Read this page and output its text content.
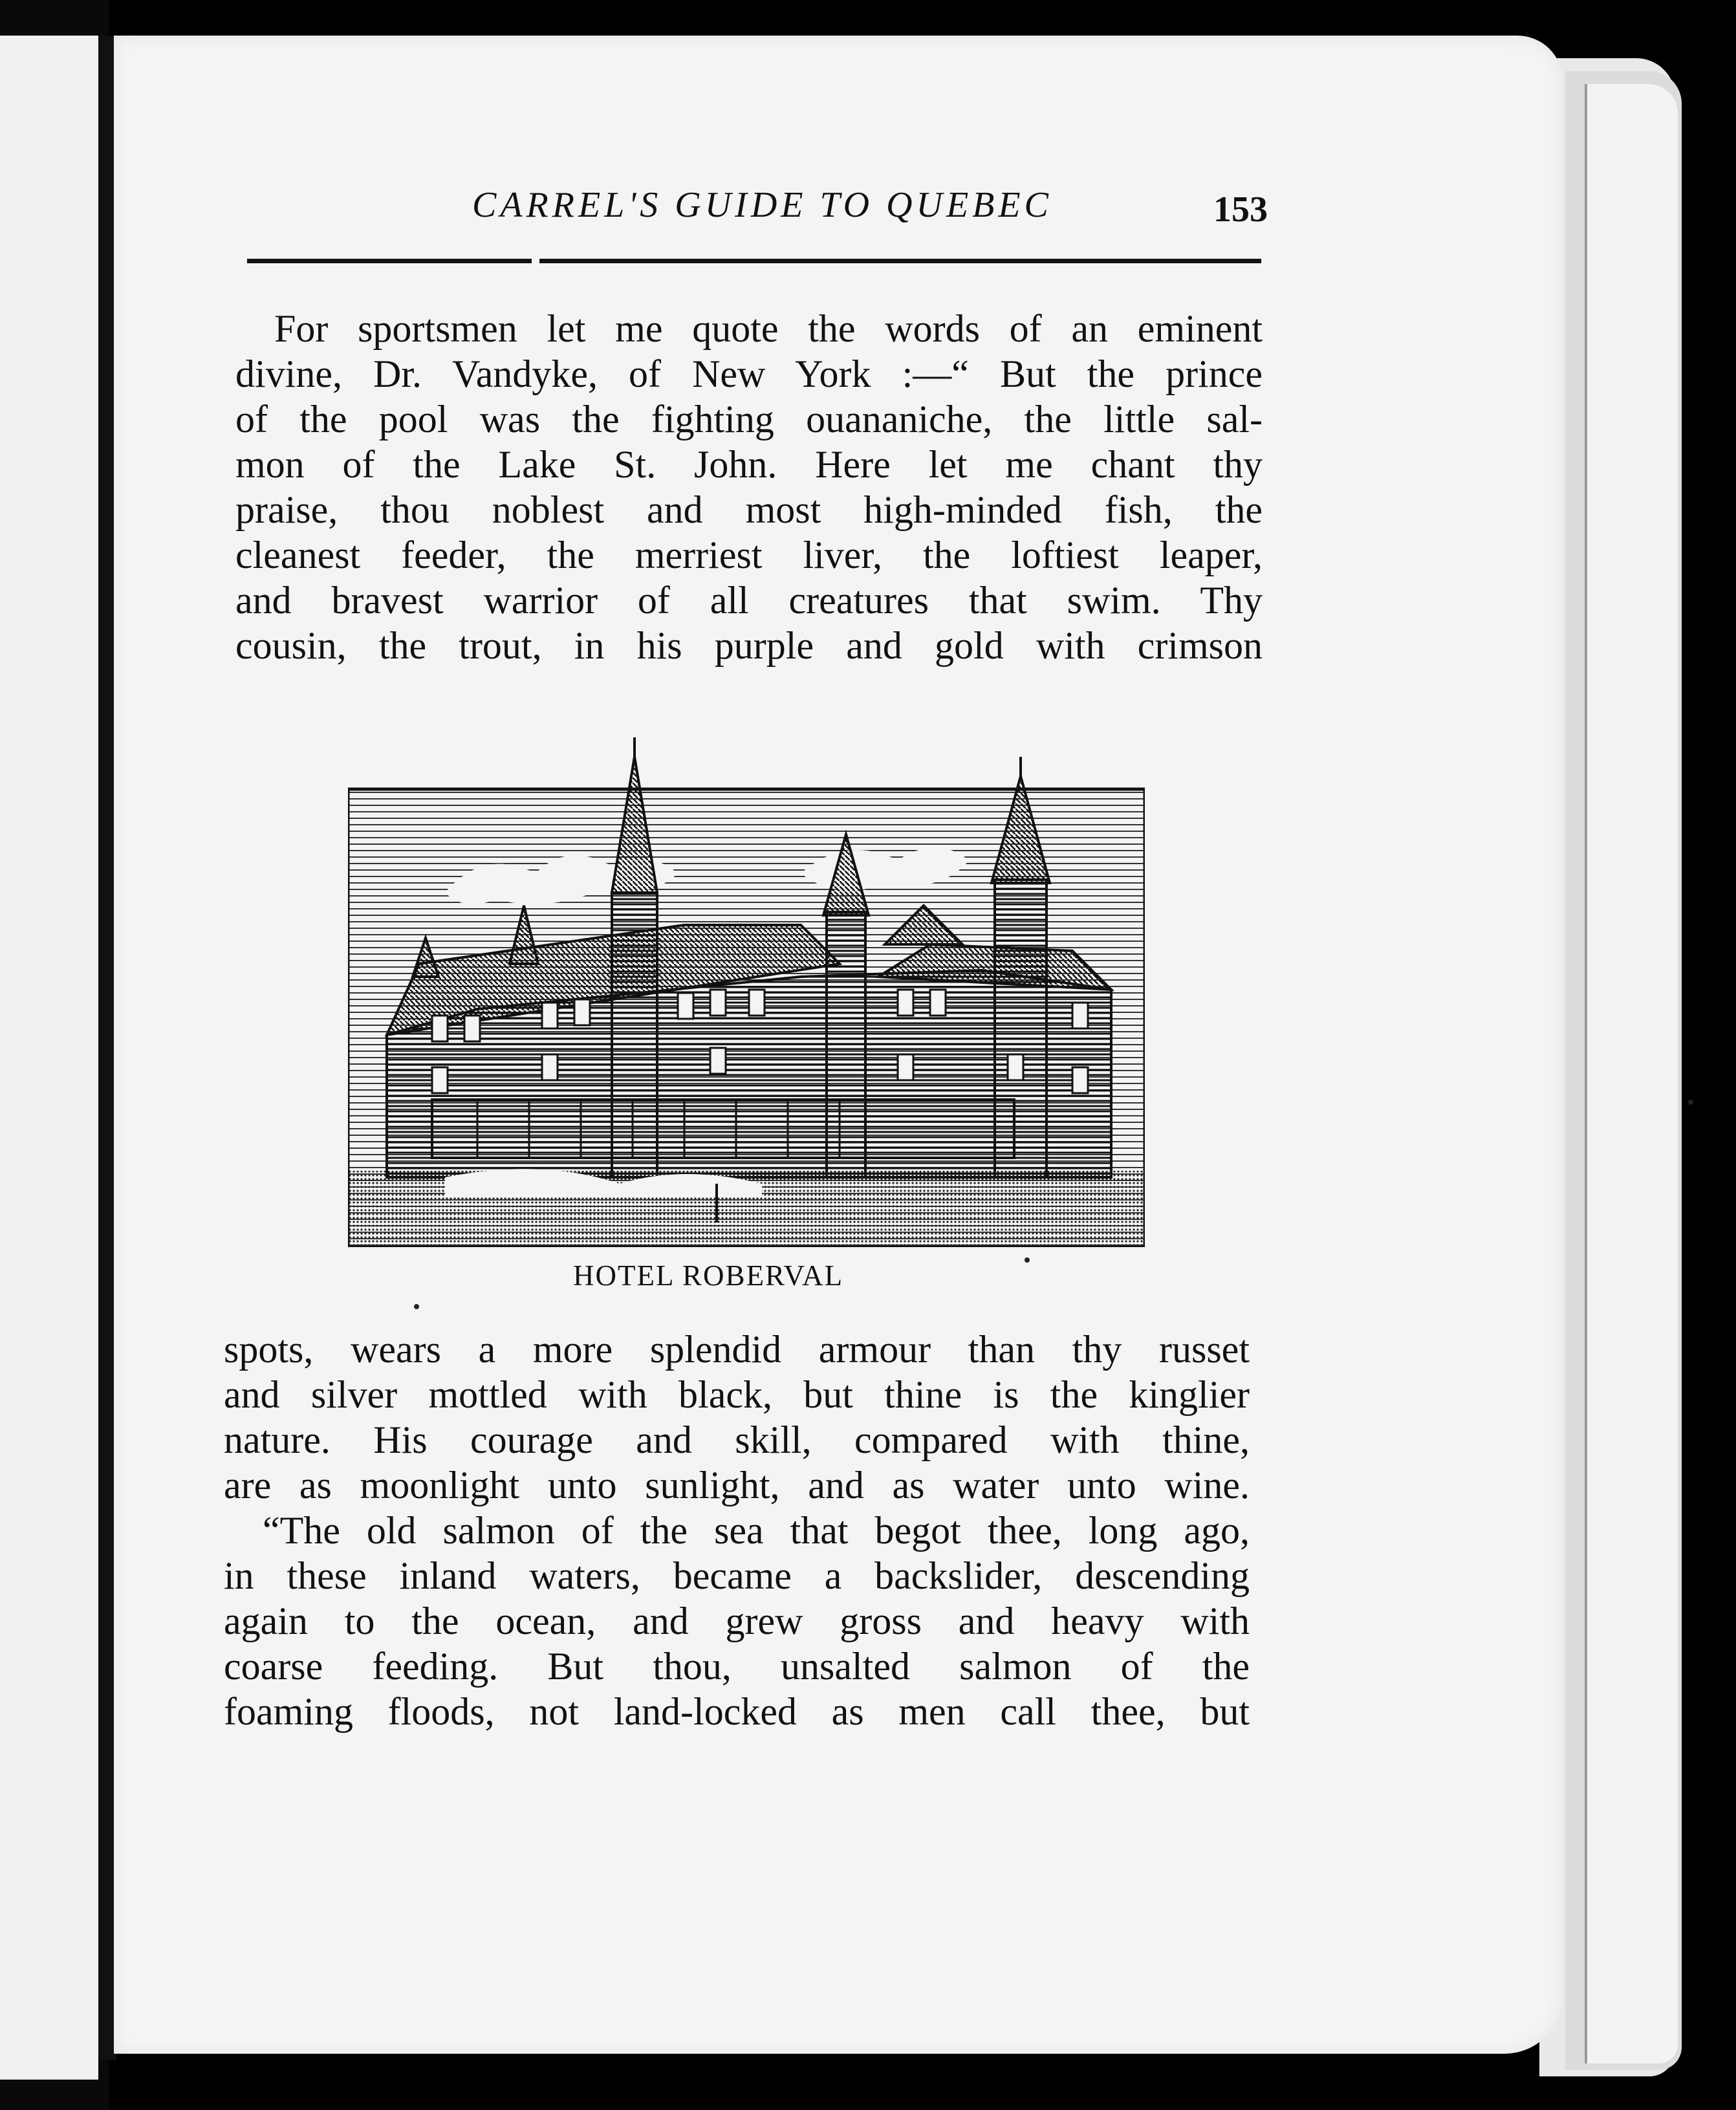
CARREL'S GUIDE TO QUEBEC	153
For sportsmen let me quote the words of an eminent
divine, Dr. Vandyke, of New York :—“ But the prince
of the pool was the fighting ouananiche, the little sal-
mon of the Lake St. John. Here let me chant thy
praise, thou noblest and most high-minded fish, the
cleanest feeder, the merriest liver, the loftiest leaper,
and bravest warrior of all creatures that swim. Thy
cousin, the trout, in his purple and gold with crimson
HOTEL ROBERVAL
spots, wears a more splendid armour than thy russet
and silver mottled with black, but thine is the kinglier
nature. His courage and skill, compared with thine,
are as moonlight unto sunlight, and as water unto wine.
“The old salmon of the sea that begot thee, long ago,
in these inland waters, became a backslider, descending
again to the ocean, and grew gross and heavy with
coarse feeding. But thou, unsalted salmon of the
foaming floods, not land-locked as men call thee, but
